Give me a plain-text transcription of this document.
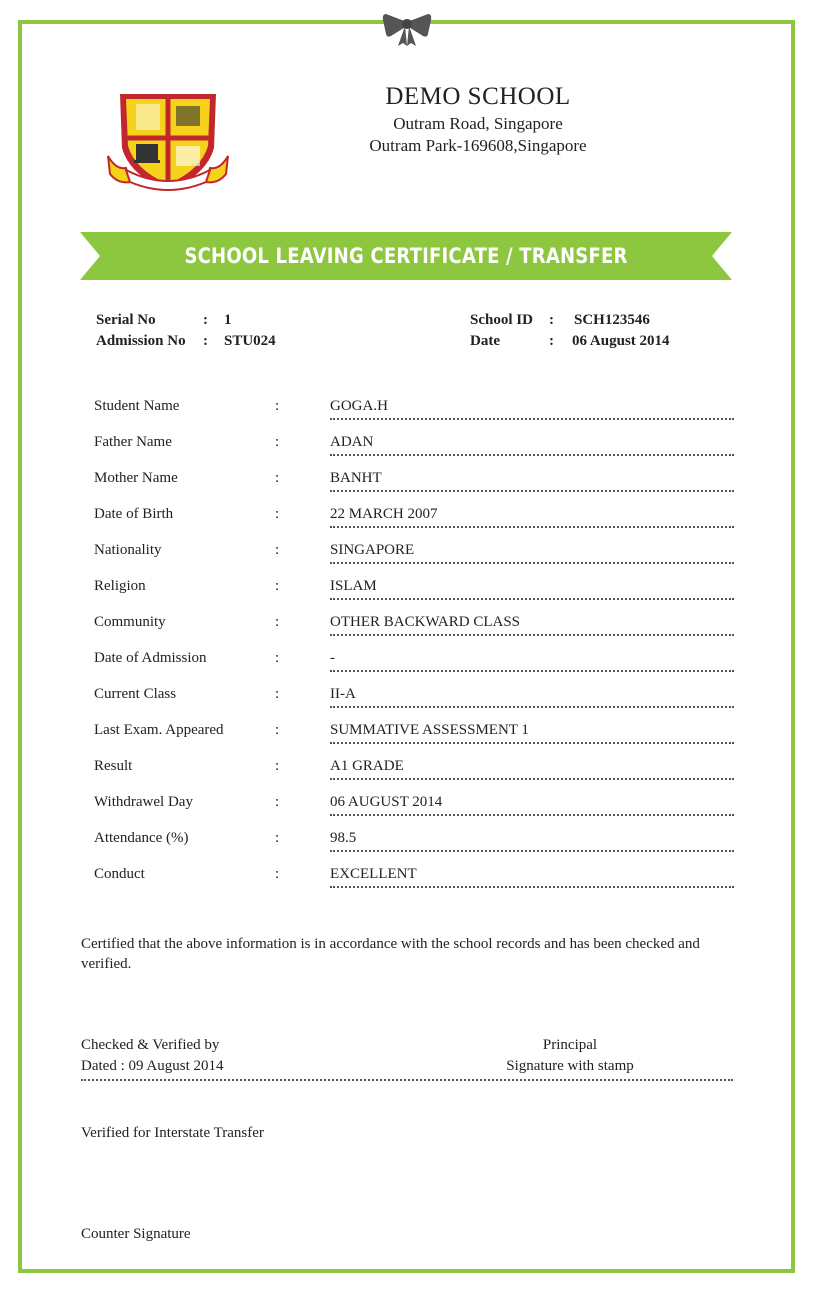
DEMO SCHOOL
Outram Road, Singapore
Outram Park-169608,Singapore
SCHOOL LEAVING CERTIFICATE / TRANSFER CERTIFICATE
Serial No	: 1
Admission No : STU024
School ID : SCH123546
Date	: 06 August 2014
Student Name	:	GOGA.H
Father Name	:	ADAN
Mother Name	:	BANHT
Date of Birth	:	22 MARCH 2007
Nationality	:	SINGAPORE
Religion	:	ISLAM
Community	:	OTHER BACKWARD CLASS
Date of Admission	:	-
Current Class	:	II-A
Last Exam. Appeared	:	SUMMATIVE ASSESSMENT 1
Result	:	A1 GRADE
Withdrawel Day	:	06 AUGUST 2014
Attendance (%)	:	98.5
Conduct	:	EXCELLENT
Certified that the above information is in accordance with the school records and has been checked and verified.
Checked & Verified by
Dated : 09 August 2014
Principal
Signature with stamp
Verified for Interstate Transfer
Counter Signature
